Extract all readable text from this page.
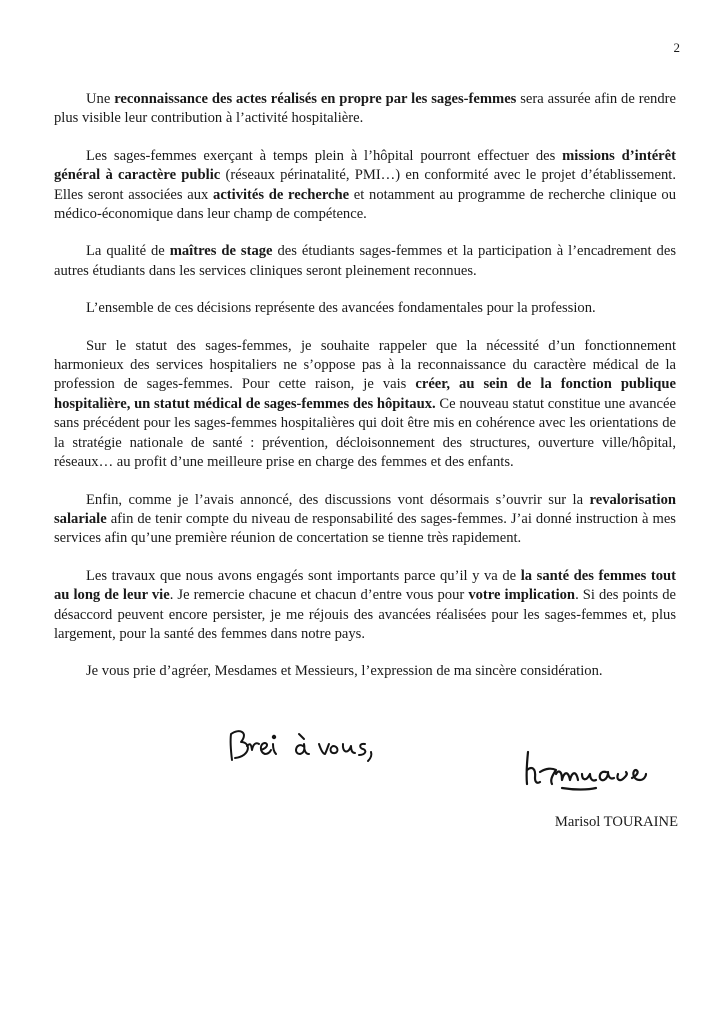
2

Une reconnaissance des actes réalisés en propre par les sages-femmes sera assurée afin de rendre plus visible leur contribution à l’activité hospitalière.

Les sages-femmes exerçant à temps plein à l’hôpital pourront effectuer des missions d’intérêt général à caractère public (réseaux périnatalité, PMI…) en conformité avec le projet d’établissement. Elles seront associées aux activités de recherche et notamment au programme de recherche clinique ou médico-économique dans leur champ de compétence.

La qualité de maîtres de stage des étudiants sages-femmes et la participation à l’encadrement des autres étudiants dans les services cliniques seront pleinement reconnues.

L’ensemble de ces décisions représente des avancées fondamentales pour la profession.

Sur le statut des sages-femmes, je souhaite rappeler que la nécessité d’un fonctionnement harmonieux des services hospitaliers ne s’oppose pas à la reconnaissance du caractère médical de la profession de sages-femmes. Pour cette raison, je vais créer, au sein de la fonction publique hospitalière, un statut médical de sages-femmes des hôpitaux. Ce nouveau statut constitue une avancée sans précédent pour les sages-femmes hospitalières qui doit être mis en cohérence avec les orientations de la stratégie nationale de santé : prévention, décloisonnement des structures, ouverture ville/hôpital, réseaux… au profit d’une meilleure prise en charge des femmes et des enfants.

Enfin, comme je l’avais annoncé, des discussions vont désormais s’ouvrir sur la revalorisation salariale afin de tenir compte du niveau de responsabilité des sages-femmes. J’ai donné instruction à mes services afin qu’une première réunion de concertation se tienne très rapidement.

Les travaux que nous avons engagés sont importants parce qu’il y va de la santé des femmes tout au long de leur vie. Je remercie chacune et chacun d’entre vous pour votre implication. Si des points de désaccord peuvent encore persister, je me réjouis des avancées réalisées pour les sages-femmes et, plus largement, pour la santé des femmes dans notre pays.

Je vous prie d’agréer, Mesdames et Messieurs, l’expression de ma sincère considération.

Marisol TOURAINE
